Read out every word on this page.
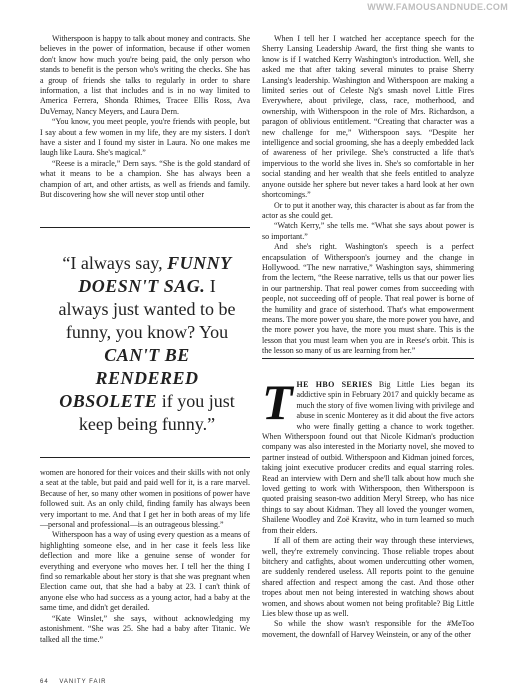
WWW.FAMOUSANDNUDE.COM

Witherspoon is happy to talk about money and contracts. She believes in the power of information, because if other women don't know how much you're being paid, the only person who stands to benefit is the person who's writing the checks. She has a group of friends she talks to regularly in order to share information, a list that includes and is in no way limited to America Ferrera, Shonda Rhimes, Tracee Ellis Ross, Ava DuVernay, Nancy Meyers, and Laura Dern.

“You know, you meet people, you're friends with people, but I say about a few women in my life, they are my sisters. I don't have a sister and I found my sister in Laura. No one makes me laugh like Laura. She's magical.”

“Reese is a miracle,” Dern says. “She is the gold standard of what it means to be a champion. She has always been a champion of art, and other artists, as well as friends and family. But discovering how she will never stop until other

“I always say, FUNNY DOESN'T SAG. I always just wanted to be funny, you know? You CAN'T BE RENDERED OBSOLETE if you just keep being funny.”

women are honored for their voices and their skills with not only a seat at the table, but paid and paid well for it, is a rare marvel. Because of her, so many other women in positions of power have followed suit. As an only child, finding family has always been very important to me. And that I get her in both areas of my life—personal and professional—is an outrageous blessing.”

Witherspoon has a way of using every question as a means of highlighting someone else, and in her case it feels less like deflection and more like a genuine sense of wonder for everything and everyone who moves her. I tell her the thing I find so remarkable about her story is that she was pregnant when Election came out, that she had a baby at 23. I can't think of anyone else who had success as a young actor, had a baby at the same time, and didn't get derailed.

“Kate Winslet,” she says, without acknowledging my astonishment. “She was 25. She had a baby after Titanic. We talked all the time.”

When I tell her I watched her acceptance speech for the Sherry Lansing Leadership Award, the first thing she wants to know is if I watched Kerry Washington's introduction. Well, she asked me that after taking several minutes to praise Sherry Lansing's leadership. Washington and Witherspoon are making a limited series out of Celeste Ng's smash novel Little Fires Everywhere, about privilege, class, race, motherhood, and ownership, with Witherspoon in the role of Mrs. Richardson, a paragon of oblivious entitlement. “Creating that character was a new challenge for me,” Witherspoon says. “Despite her intelligence and social grooming, she has a deeply embedded lack of awareness of her privilege. She's constructed a life that's impervious to the world she lives in. She's so comfortable in her social standing and her wealth that she feels entitled to analyze anyone outside her sphere but never takes a hard look at her own shortcomings.”

Or to put it another way, this character is about as far from the actor as she could get.

“Watch Kerry,” she tells me. “What she says about power is so important.”

And she's right. Washington's speech is a perfect encapsulation of Witherspoon's journey and the change in Hollywood. “The new narrative,” Washington says, shimmering from the lectern, “the Reese narrative, tells us that our power lies in our partnership. That real power comes from succeeding with people, not succeeding off of people. That real power is borne of the humility and grace of sisterhood. That's what empowerment means. The more power you share, the more power you have, and the more power you have, the more you must share. This is the lesson that you must learn when you are in Reese's orbit. This is the lesson so many of us are learning from her.”

THE HBO SERIES Big Little Lies began its addictive spin in February 2017 and quickly became as much the story of five women living with privilege and abuse in scenic Monterey as it did about the five actors who were finally getting a chance to work together. When Witherspoon found out that Nicole Kidman's production company was also interested in the Moriarty novel, she moved to partner instead of outbid. Witherspoon and Kidman joined forces, taking joint executive producer credits and equal starring roles. Read an interview with Dern and she'll talk about how much she loved getting to work with Witherspoon, then Witherspoon is quoted praising season-two addition Meryl Streep, who has nice things to say about Kidman. They all loved the younger women, Shailene Woodley and Zoë Kravitz, who in turn learned so much from their elders.

If all of them are acting their way through these interviews, well, they're extremely convincing. Those reliable tropes about bitchery and catfights, about women undercutting other women, are suddenly rendered useless. All reports point to the genuine shared affection and respect among the cast. And those other tropes about men not being interested in watching shows about women, and shows about women not being profitable? Big Little Lies blew those up as well.

So while the show wasn't responsible for the #MeToo movement, the downfall of Harvey Weinstein, or any of the other

64 VANITY FAIR
